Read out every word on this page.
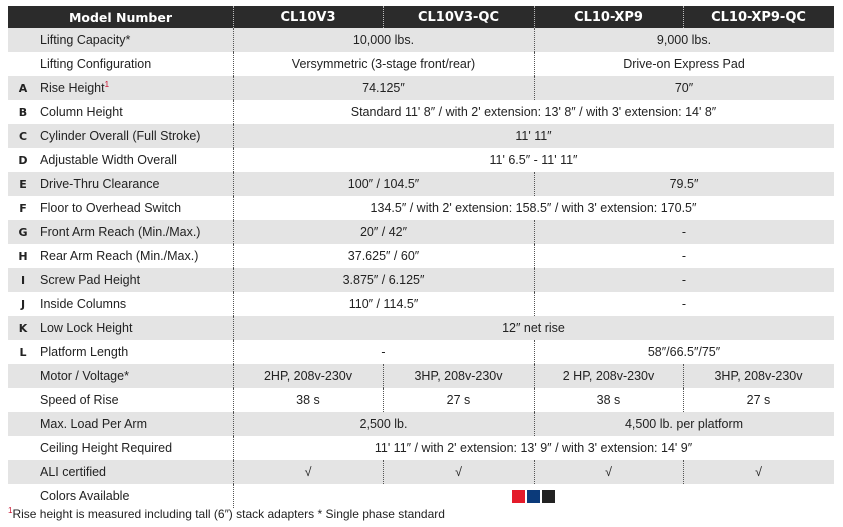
Model Number	CL10V3	CL10V3-QC	CL10-XP9	CL10-XP9-QC
Lifting Capacity*	10,000 lbs.	9,000 lbs.
Lifting Configuration	Versymmetric (3-stage front/rear)	Drive-on Express Pad
A	Rise Height$^1$	74.125″	70″
B	Column Height	Standard 11' 8″ / with 2' extension: 13' 8″ / with 3' extension: 14' 8″
C	Cylinder Overall (Full Stroke)	11' 11″
D Adjustable Width Overall	11' 6.5″ - 11' 11″
E	Drive-Thru Clearance	100″ / 104.5″	79.5″
F	Floor to Overhead Switch	134.5″ / with 2' extension: 158.5″ / with 3' extension: 170.5″
G Front Arm Reach (Min./Max.)	20″ / 42″	-
H Rear Arm Reach (Min./Max.)	37.625″ / 60″	-
I	Screw Pad Height	3.875″ / 6.125″	-
J	Inside Columns	110″ / 114.5″	-
K	Low Lock Height	12″ net rise
L	Platform Length	-	58″/66.5″/75″
Motor / Voltage*	2HP, 208v-230v	3HP, 208v-230v	2 HP, 208v-230v	3HP, 208v-230v
Speed of Rise	38 s	27 s	38 s	27 s
Max. Load Per Arm	2,500 lb.	4,500 lb. per platform
Ceiling Height Required	11' 11″ / with 2' extension: 13' 9″ / with 3' extension: 14' 9″
ALI certified	√	√	√	√
Colors Available
$^1$Rise height is measured including tall (6″) stack adapters * Single phase standard
